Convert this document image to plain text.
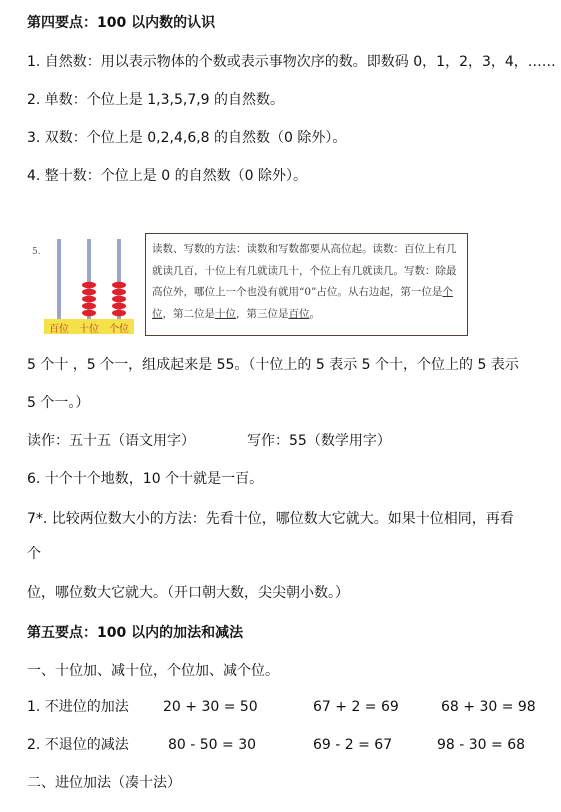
第四要点：100 以内数的认识
1. 自然数：用以表示物体的个数或表示事物次序的数。即数码 0，1，2，3，4，……
2. 单数：个位上是 1,3,5,7,9 的自然数。
3. 双数：个位上是 0,2,4,6,8 的自然数（0 除外）。
4. 整十数：个位上是 0 的自然数（0 除外）。
5.
百位 十位 个位
读数、写数的方法：读数和写数都要从高位起。读数：百位上有几就读几百，十位上有几就读几十，个位上有几就读几。写数：除最高位外，哪位上一个也没有就用“0”占位。从右边起，第一位是个位，第二位是十位，第三位是百位。
5 个十 ，5 个一，组成起来是 55。（十位上的 5 表示 5 个十，个位上的 5 表示
5 个一。）
读作：五十五（语文用字）	写作：55（数学用字）
6. 十个十个地数，10 个十就是一百。
7*. 比较两位数大小的方法：先看十位，哪位数大它就大。如果十位相同，再看
个
位，哪位数大它就大。（开口朝大数，尖尖朝小数。）
第五要点：100 以内的加法和减法
一、十位加、减十位，个位加、减个位。
1. 不进位的加法 20 + 30 = 50	67 + 2 = 69	68 + 30 = 98
2. 不退位的减法	80 - 50 = 30	69 - 2 = 67	98 - 30 = 68
二、进位加法（凑十法）
